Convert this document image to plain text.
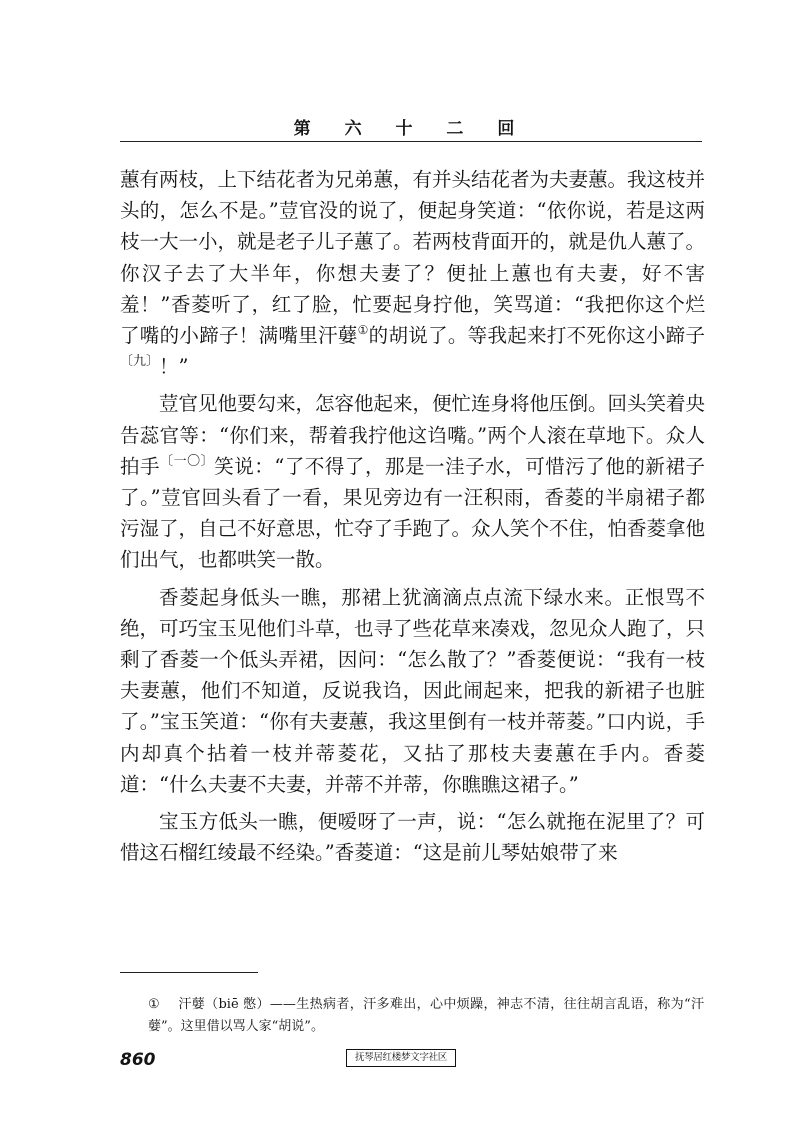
第 六 十 二 回

蕙有两枝，上下结花者为兄弟蕙，有并头结花者为夫妻蕙。我这枝并头的，怎么不是。”荳官没的说了，便起身笑道：“依你说，若是这两枝一大一小，就是老子儿子蕙了。若两枝背面开的，就是仇人蕙了。你汉子去了大半年，你想夫妻了？便扯上蕙也有夫妻，好不害羞！”香菱听了，红了脸，忙要起身拧他，笑骂道：“我把你这个烂了嘴的小蹄子！满嘴里汗㜸①的胡说了。等我起来打不死你这小蹄子$^{〔九〕}$！”

荳官见他要勾来，怎容他起来，便忙连身将他压倒。回头笑着央告蕊官等：“你们来，帮着我拧他这诌嘴。”两个人滚在草地下。众人拍手$^{〔一〇〕}$笑说：“了不得了，那是一洼子水，可惜污了他的新裙子了。”荳官回头看了一看，果见旁边有一汪积雨，香菱的半扇裙子都污湿了，自己不好意思，忙夺了手跑了。众人笑个不住，怕香菱拿他们出气，也都哄笑一散。

香菱起身低头一瞧，那裙上犹滴滴点点流下绿水来。正恨骂不绝，可巧宝玉见他们斗草，也寻了些花草来凑戏，忽见众人跑了，只剩了香菱一个低头弄裙，因问：“怎么散了？”香菱便说：“我有一枝夫妻蕙，他们不知道，反说我诌，因此闹起来，把我的新裙子也脏了。”宝玉笑道：“你有夫妻蕙，我这里倒有一枝并蒂菱。”口内说，手内却真个拈着一枝并蒂菱花，又拈了那枝夫妻蕙在手内。香菱道：“什么夫妻不夫妻，并蒂不并蒂，你瞧瞧这裙子。”

宝玉方低头一瞧，便嗳呀了一声，说：“怎么就拖在泥里了？可惜这石榴红绫最不经染。”香菱道：“这是前儿琴姑娘带了来

① 汗㜸（biē 憋）——生热病者，汗多难出，心中烦躁，神志不清，往往胡言乱语，称为“汗㜸”。这里借以骂人家“胡说”。
860	抚琴居红楼梦文字社区
